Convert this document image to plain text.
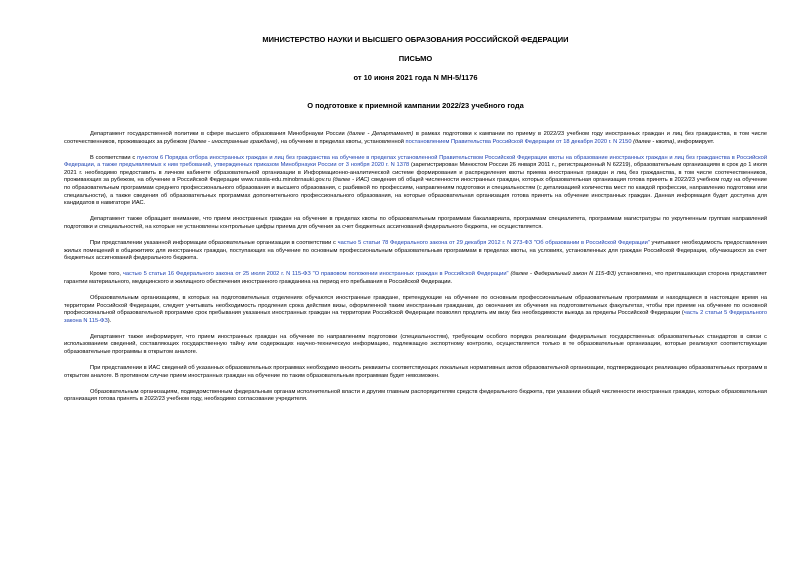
МИНИСТЕРСТВО НАУКИ И ВЫСШЕГО ОБРАЗОВАНИЯ РОССИЙСКОЙ ФЕДЕРАЦИИ
ПИСЬМО
от 10 июня 2021 года N МН-5/1176
О подготовке к приемной кампании 2022/23 учебного года

Департамент государственной политики в сфере высшего образования Минобрнауки России (далее - Департамент) в рамках подготовки к кампании по приему в 2022/23 учебном году иностранных граждан и лиц без гражданства, в том числе соотечественников, проживающих за рубежом (далее - иностранные граждане), на обучение в пределах квоты, установленной постановлением Правительства Российской Федерации от 18 декабря 2020 г. N 2150 (далее - квота), информирует.

В соответствии с пунктом 6 Порядка отбора иностранных граждан и лиц без гражданства на обучение в пределах установленной Правительством Российской Федерации квоты на образование иностранных граждан и лиц без гражданства в Российской Федерации, а также предъявляемых к ним требований, утвержденных приказом Минобрнауки России от 3 ноября 2020 г. N 1378 (зарегистрирован Минюстом России 26 января 2011 г., регистрационный N 62219), образовательным организациям в срок до 1 июля 2021 г. необходимо предоставить в личном кабинете образовательной организации в Информационно-аналитической системе формирования и распределения квоты приема иностранных граждан и лиц без гражданства, в том числе соотечественников, проживающих за рубежом, на обучение в Российской Федерации www.russia-edu.minobrnauki.gov.ru (далее - ИАС) сведения об общей численности иностранных граждан, которых образовательная организация готова принять в 2022/23 учебном году на обучение по образовательным программам среднего профессионального образования и высшего образования, с разбивкой по профессиям, направлениям подготовки и специальностям (с детализацией количества мест по каждой профессии, направлению подготовки или специальности), а также сведения об образовательных программах дополнительного профессионального образования, на которые образовательная организация готова принять на обучение иностранных граждан. Данная информация будет доступна для кандидатов в навигаторе ИАС.

Департамент также обращает внимание, что прием иностранных граждан на обучение в пределах квоты по образовательным программам бакалавриата, программам специалитета, программам магистратуры по укрупненным группам направлений подготовки и специальностей, на которые не установлены контрольные цифры приема для обучения за счет бюджетных ассигнований федерального бюджета, не осуществляется.

При представлении указанной информации образовательные организации в соответствии с частью 5 статьи 78 Федерального закона от 29 декабря 2012 г. N 273-ФЗ "Об образовании в Российской Федерации" учитывают необходимость предоставления жилых помещений в общежитиях для иностранных граждан, поступающих на обучение по основным профессиональным образовательным программам в пределах квоты, на условиях, установленных для граждан Российской Федерации, обучающихся за счет бюджетных ассигнований федерального бюджета.

Кроме того, частью 5 статьи 16 Федерального закона от 25 июля 2002 г. N 115-ФЗ "О правовом положении иностранных граждан в Российской Федерации" (далее - Федеральный закон N 115-ФЗ) установлено, что приглашающая сторона представляет гарантии материального, медицинского и жилищного обеспечения иностранного гражданина на период его пребывания в Российской Федерации.

Образовательным организациям, в которых на подготовительных отделениях обучаются иностранные граждане, претендующие на обучение по основным профессиональным образовательным программам и находящиеся в настоящее время на территории Российской Федерации, следует учитывать необходимость продления срока действия визы, оформленной таким иностранным гражданам, до окончания их обучения на подготовительных факультетах, чтобы при приеме на обучение по основной профессиональной образовательной программе срок пребывания указанных иностранных граждан на территории Российской Федерации позволял продлить им визу без необходимости выезда за пределы Российской Федерации (часть 2 статьи 5 Федерального закона N 115-ФЗ).

Департамент также информирует, что прием иностранных граждан на обучение по направлениям подготовки (специальностям), требующим особого порядка реализации федеральных государственных образовательных стандартов в связи с использованием сведений, составляющих государственную тайну или содержащих научно-техническую информацию, подлежащую экспортному контролю, осуществляется только в те образовательные организации, которые реализуют соответствующие образовательные программы в открытом аналоге.

При представлении в ИАС сведений об указанных образовательных программах необходимо вносить реквизиты соответствующих локальных нормативных актов образовательной организации, подтверждающих реализацию образовательных программ в открытом аналоге. В противном случае прием иностранных граждан на обучение по таким образовательным программам будет невозможен.

Образовательным организациям, подведомственным федеральным органам исполнительной власти и другим главным распорядителям средств федерального бюджета, при указании общей численности иностранных граждан, которых образовательная организация готова принять в 2022/23 учебном году, необходимо согласование учредителя.
